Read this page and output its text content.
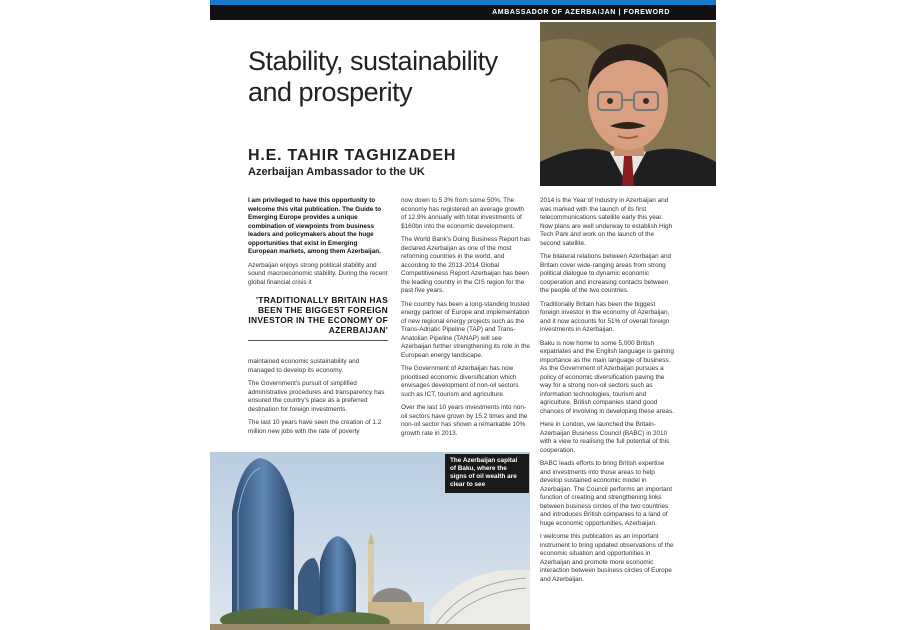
AMBASSADOR OF AZERBAIJAN | FOREWORD
Stability, sustainability
and prosperity
H.E. TAHIR TAGHIZADEH
Azerbaijan Ambassador to the UK

I am privileged to have this opportunity to welcome this vital publication. The Guide to Emerging Europe provides a unique combination of viewpoints from business leaders and policymakers about the huge opportunities that exist in Emerging European markets, among them Azerbaijan.

Azerbaijan enjoys strong political stability and sound macroeconomic stability. During the recent global financial crisis it

'TRADITIONALLY BRITAIN HAS BEEN THE BIGGEST FOREIGN INVESTOR IN THE ECONOMY OF AZERBAIJAN'

maintained economic sustainability and managed to develop its economy.

The Government's pursuit of simplified administrative procedures and transparency has ensured the country's place as a preferred destination for foreign investments.

The last 10 years have seen the creation of 1.2 million new jobs with the rate of poverty

now down to 5.3% from some 50%. The economy has registered an average growth of 12.9% annually with total investments of $160bn into the economic development.

The World Bank's Doing Business Report has declared Azerbaijan as one of the most reforming countries in the world, and according to the 2013-2014 Global Competitiveness Report Azerbaijan has been the leading country in the CIS region for the past five years.

The country has been a long-standing trusted energy partner of Europe and implementation of new regional energy projects such as the Trans-Adriatic Pipeline (TAP) and Trans-Anatolian Pipeline (TANAP) will see Azerbaijan further strengthening its role in the European energy landscape.

The Government of Azerbaijan has now prioritised economic diversification which envisages development of non-oil sectors such as ICT, tourism and agriculture.

Over the last 10 years investments into non-oil sectors have grown by 15.2 times and the non-oil sector has shown a remarkable 10% growth rate in 2013.

2014 is the Year of Industry in Azerbaijan and was marked with the launch of its first telecommunications satellite early this year. Now plans are well underway to establish High Tech Park and work on the launch of the second satellite.

The bilateral relations between Azerbaijan and Britain cover wide-ranging areas from strong political dialogue to dynamic economic cooperation and increasing contacts between the people of the two countries.

Traditionally Britain has been the biggest foreign investor in the economy of Azerbaijan, and it now accounts for 51% of overall foreign investments in Azerbaijan.

Baku is now home to some 5,000 British expatriates and the English language is gaining importance as the main language of business. As the Government of Azerbaijan pursues a policy of economic diversification paving the way for a strong non-oil sectors such as information technologies, tourism and agriculture, British companies stand good chances of involving in developing these areas.

Here in London, we launched the Britain-Azerbaijan Business Council (BABC) in 2010 with a view to realising the full potential of this cooperation.

BABC leads efforts to bring British expertise and investments into those areas to help develop sustained economic model in Azerbaijan. The Council performs an important function of creating and strengthening links between business circles of the two countries and introduces British companies to a land of huge economic opportunities, Azerbaijan.

I welcome this publication as an important instrument to bring updated observations of the economic situation and opportunities in Azerbaijan and promote more economic interaction between business circles of Europe and Azerbaijan.

The Azerbaijan capital of Baku, where the signs of oil wealth are clear to see
